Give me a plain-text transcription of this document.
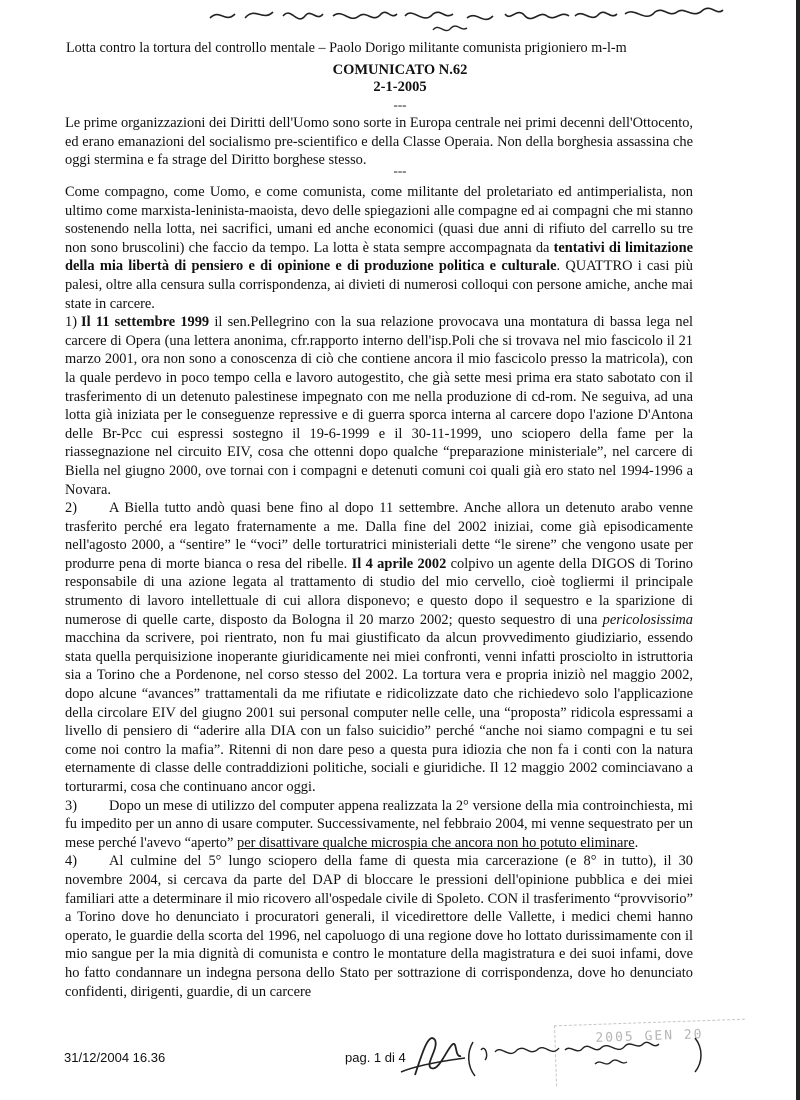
Lotta contro la tortura del controllo mentale – Paolo Dorigo militante comunista prigioniero m-l-m
COMUNICATO N.62
2-1-2005
---

Le prime organizzazioni dei Diritti dell'Uomo sono sorte in Europa centrale nei primi decenni dell'Ottocento, ed erano emanazioni del socialismo pre-scientifico e della Classe Operaia. Non della borghesia assassina che oggi stermina e fa strage del Diritto borghese stesso.

---

Come compagno, come Uomo, e come comunista, come militante del proletariato ed antimperialista, non ultimo come marxista-leninista-maoista, devo delle spiegazioni alle compagne ed ai compagni che mi stanno sostenendo nella lotta, nei sacrifici, umani ed anche economici (quasi due anni di rifiuto del carrello su tre non sono bruscolini) che faccio da tempo. La lotta è stata sempre accompagnata da tentativi di limitazione della mia libertà di pensiero e di opinione e di produzione politica e culturale. QUATTRO i casi più palesi, oltre alla censura sulla corrispondenza, ai divieti di numerosi colloqui con persone amiche, anche mai state in carcere.

1) Il 11 settembre 1999 il sen.Pellegrino con la sua relazione provocava una montatura di bassa lega nel carcere di Opera (una lettera anonima, cfr.rapporto interno dell'isp.Poli che si trovava nel mio fascicolo il 21 marzo 2001, ora non sono a conoscenza di ciò che contiene ancora il mio fascicolo presso la matricola), con la quale perdevo in poco tempo cella e lavoro autogestito, che già sette mesi prima era stato sabotato con il trasferimento di un detenuto palestinese impegnato con me nella produzione di cd-rom. Ne seguiva, ad una lotta già iniziata per le conseguenze repressive e di guerra sporca interna al carcere dopo l'azione D'Antona delle Br-Pcc cui espressi sostegno il 19-6-1999 e il 30-11-1999, uno sciopero della fame per la riassegnazione nel circuito EIV, cosa che ottenni dopo qualche “preparazione ministeriale”, nel carcere di Biella nel giugno 2000, ove tornai con i compagni e detenuti comuni coi quali già ero stato nel 1994-1996 a Novara.

2) A Biella tutto andò quasi bene fino al dopo 11 settembre. Anche allora un detenuto arabo venne trasferito perché era legato fraternamente a me. Dalla fine del 2002 iniziai, come già episodicamente nell'agosto 2000, a “sentire” le “voci” delle torturatrici ministeriali dette “le sirene” che vengono usate per produrre pena di morte bianca o resa del ribelle. Il 4 aprile 2002 colpivo un agente della DIGOS di Torino responsabile di una azione legata al trattamento di studio del mio cervello, cioè togliermi il principale strumento di lavoro intellettuale di cui allora disponevo; e questo dopo il sequestro e la sparizione di numerose di quelle carte, disposto da Bologna il 20 marzo 2002; questo sequestro di una pericolosissima macchina da scrivere, poi rientrato, non fu mai giustificato da alcun provvedimento giudiziario, essendo stata quella perquisizione inoperante giuridicamente nei miei confronti, venni infatti prosciolto in istruttoria sia a Torino che a Pordenone, nel corso stesso del 2002. La tortura vera e propria iniziò nel maggio 2002, dopo alcune “avances” trattamentali da me rifiutate e ridicolizzate dato che richiedevo solo l'applicazione della circolare EIV del giugno 2001 sui personal computer nelle celle, una “proposta” ridicola espressami a livello di pensiero di “aderire alla DIA con un falso suicidio” perché “anche noi siamo compagni e tu sei come noi contro la mafia”. Ritenni di non dare peso a questa pura idiozia che non fa i conti con la natura eternamente di classe delle contraddizioni politiche, sociali e giuridiche. Il 12 maggio 2002 cominciavano a torturarmi, cosa che continuano ancor oggi.

3) Dopo un mese di utilizzo del computer appena realizzata la 2° versione della mia controinchiesta, mi fu impedito per un anno di usare computer. Successivamente, nel febbraio 2004, mi venne sequestrato per un mese perché l'avevo “aperto” per disattivare qualche microspia che ancora non ho potuto eliminare.

4) Al culmine del 5° lungo sciopero della fame di questa mia carcerazione (e 8° in tutto), il 30 novembre 2004, si cercava da parte del DAP di bloccare le pressioni dell'opinione pubblica e dei miei familiari atte a determinare il mio ricovero all'ospedale civile di Spoleto. CON il trasferimento “provvisorio” a Torino dove ho denunciato i procuratori generali, il vicedirettore delle Vallette, i medici chemi hanno operato, le guardie della scorta del 1996, nel capoluogo di una regione dove ho lottato durissimamente con il mio sangue per la mia dignità di comunista e contro le montature della magistratura e dei suoi infami, dove ho fatto condannare un indegna persona dello Stato per sottrazione di corrispondenza, dove ho denunciato confidenti, dirigenti, guardie, di un carcere

31/12/2004 16.36	pag. 1 di 4
2005 GEN 20
